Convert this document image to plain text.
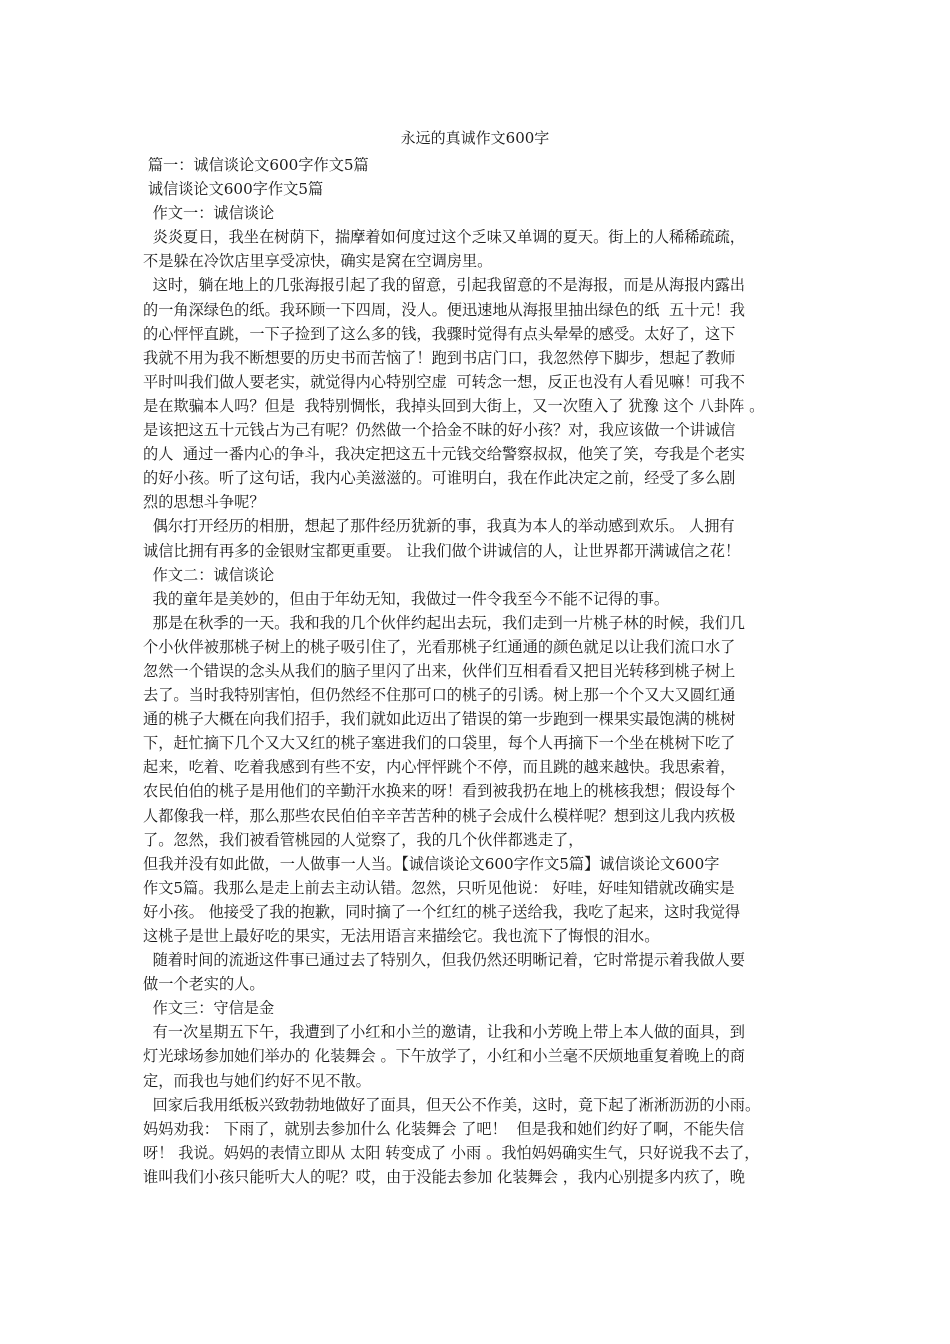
永远的真诚作文600字
篇一：诚信谈论文600字作文5篇
诚信谈论文600字作文5篇
作文一：诚信谈论
炎炎夏日，我坐在树荫下，揣摩着如何度过这个乏味又单调的夏天。街上的人稀稀疏疏，
不是躲在冷饮店里享受凉快，确实是窝在空调房里。
这时，躺在地上的几张海报引起了我的留意，引起我留意的不是海报，而是从海报内露出
的一角深绿色的纸。我环顾一下四周，没人。便迅速地从海报里抽出绿色的纸  五十元！我
的心怦怦直跳，一下子捡到了这么多的钱，我骤时觉得有点头晕晕的感受。太好了，这下
我就不用为我不断想要的历史书而苦恼了！跑到书店门口，我忽然停下脚步，想起了教师
平时叫我们做人要老实，就觉得内心特别空虚  可转念一想，反正也没有人看见嘛！可我不
是在欺骗本人吗？但是  我特别惆怅，我掉头回到大街上，又一次堕入了 犹豫 这个 八卦阵 。
是该把这五十元钱占为己有呢？仍然做一个拾金不昧的好小孩？对，我应该做一个讲诚信
的人  通过一番内心的争斗，我决定把这五十元钱交给警察叔叔，他笑了笑，夸我是个老实
的好小孩。听了这句话，我内心美滋滋的。可谁明白，我在作此决定之前，经受了多么剧
烈的思想斗争呢？
偶尔打开经历的相册，想起了那件经历犹新的事，我真为本人的举动感到欢乐。 人拥有
诚信比拥有再多的金银财宝都更重要。 让我们做个讲诚信的人，让世界都开满诚信之花！
作文二：诚信谈论
我的童年是美妙的，但由于年幼无知，我做过一件令我至今不能不记得的事。
那是在秋季的一天。我和我的几个伙伴约起出去玩，我们走到一片桃子林的时候，我们几
个小伙伴被那桃子树上的桃子吸引住了，光看那桃子红通通的颜色就足以让我们流口水了
忽然一个错误的念头从我们的脑子里闪了出来，伙伴们互相看看又把目光转移到桃子树上
去了。当时我特别害怕，但仍然经不住那可口的桃子的引诱。树上那一个个又大又圆红通
通的桃子大概在向我们招手，我们就如此迈出了错误的第一步跑到一棵果实最饱满的桃树
下，赶忙摘下几个又大又红的桃子塞进我们的口袋里，每个人再摘下一个坐在桃树下吃了
起来，吃着、吃着我感到有些不安，内心怦怦跳个不停，而且跳的越来越快。我思索着，
农民伯伯的桃子是用他们的辛勤汗水换来的呀！看到被我扔在地上的桃核我想；假设每个
人都像我一样，那么那些农民伯伯辛辛苦苦种的桃子会成什么模样呢？想到这儿我内疚极
了。忽然，我们被看管桃园的人觉察了，我的几个伙伴都逃走了，
但我并没有如此做，一人做事一人当。【诚信谈论文600字作文5篇】诚信谈论文600字
作文5篇。我那么是走上前去主动认错。忽然，只听见他说： 好哇，好哇知错就改确实是
好小孩。 他接受了我的抱歉，同时摘了一个红红的桃子送给我，我吃了起来，这时我觉得
这桃子是世上最好吃的果实，无法用语言来描绘它。我也流下了悔恨的泪水。
随着时间的流逝这件事已通过去了特别久，但我仍然还明晰记着，它时常提示着我做人要
做一个老实的人。
作文三：守信是金
有一次星期五下午，我遭到了小红和小兰的邀请，让我和小芳晚上带上本人做的面具，到
灯光球场参加她们举办的 化装舞会 。下午放学了，小红和小兰毫不厌烦地重复着晚上的商
定，而我也与她们约好不见不散。
回家后我用纸板兴致勃勃地做好了面具，但天公不作美，这时，竟下起了淅淅沥沥的小雨。
妈妈劝我： 下雨了，就别去参加什么 化装舞会 了吧！  但是我和她们约好了啊，不能失信
呀！ 我说。妈妈的表情立即从 太阳 转变成了 小雨 。我怕妈妈确实生气，只好说我不去了，
谁叫我们小孩只能听大人的呢？哎，由于没能去参加 化装舞会 ，我内心别提多内疚了，晚
